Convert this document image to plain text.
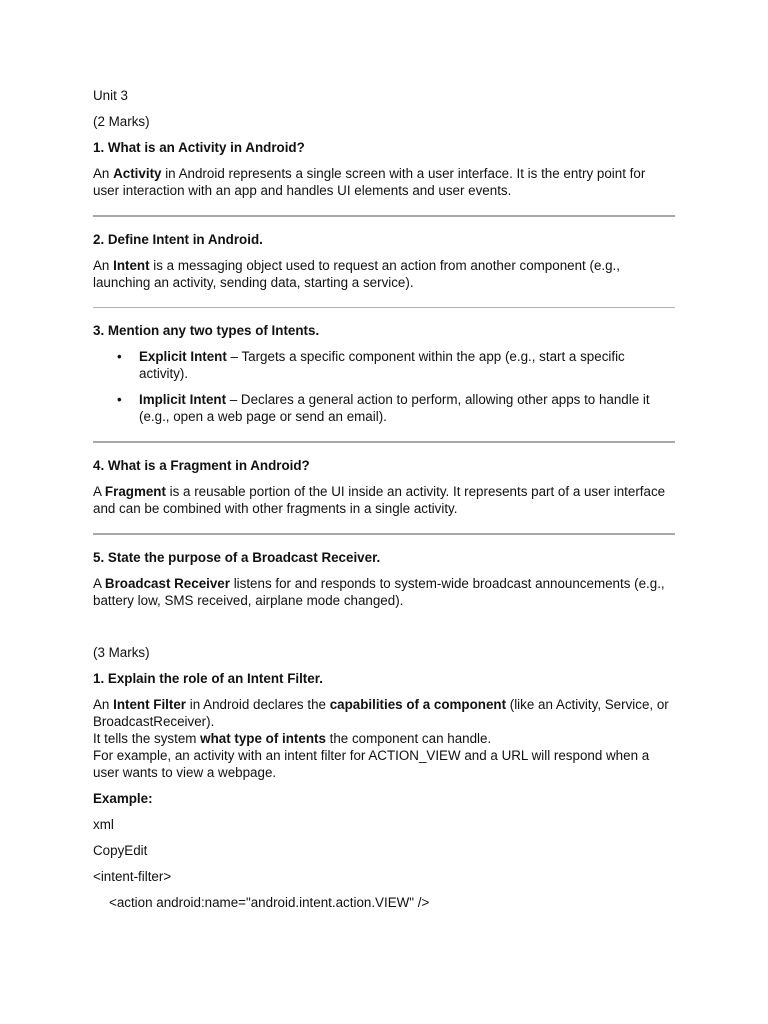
Unit 3

(2 Marks)

1. What is an Activity in Android?

An Activity in Android represents a single screen with a user interface. It is the entry point for user interaction with an app and handles UI elements and user events.

2. Define Intent in Android.

An Intent is a messaging object used to request an action from another component (e.g., launching an activity, sending data, starting a service).

3. Mention any two types of Intents.

• Explicit Intent – Targets a specific component within the app (e.g., start a specific activity).
• Implicit Intent – Declares a general action to perform, allowing other apps to handle it (e.g., open a web page or send an email).

4. What is a Fragment in Android?

A Fragment is a reusable portion of the UI inside an activity. It represents part of a user interface and can be combined with other fragments in a single activity.

5. State the purpose of a Broadcast Receiver.

A Broadcast Receiver listens for and responds to system-wide broadcast announcements (e.g., battery low, SMS received, airplane mode changed).

(3 Marks)

1. Explain the role of an Intent Filter.

An Intent Filter in Android declares the capabilities of a component (like an Activity, Service, or BroadcastReceiver).
It tells the system what type of intents the component can handle.
For example, an activity with an intent filter for ACTION_VIEW and a URL will respond when a user wants to view a webpage.

Example:

xml

CopyEdit

<intent-filter>

<action android:name="android.intent.action.VIEW" />
